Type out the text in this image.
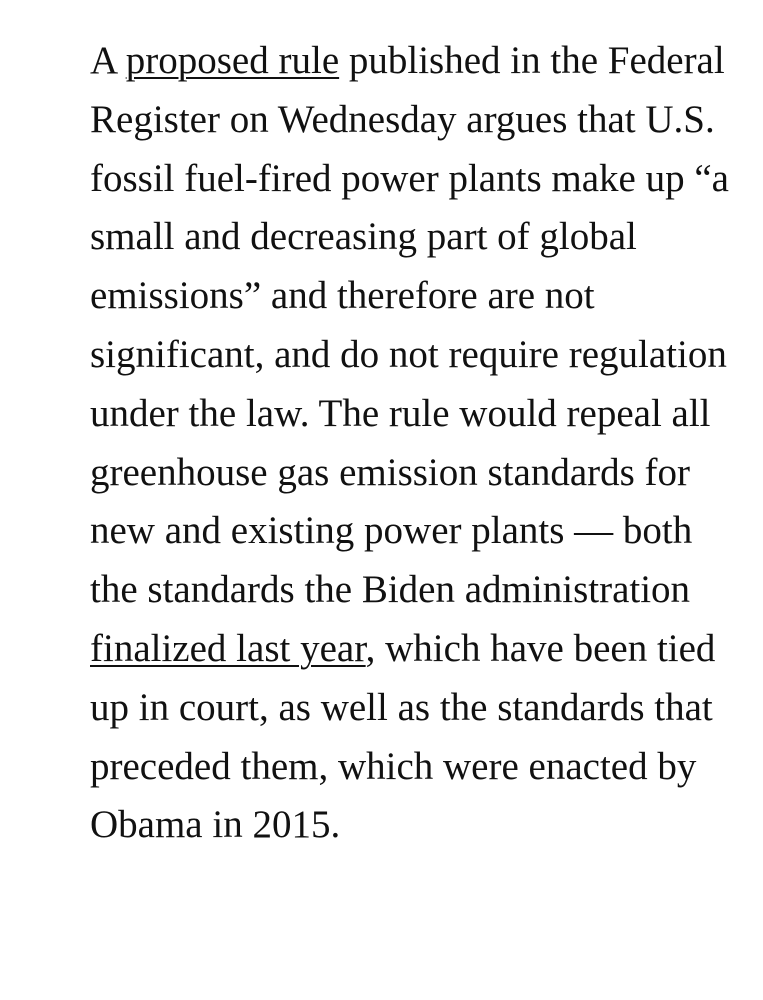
A proposed rule published in the Federal Register on Wednesday argues that U.S. fossil fuel-fired power plants make up “a small and decreasing part of global emissions” and therefore are not significant, and do not require regulation under the law. The rule would repeal all greenhouse gas emission standards for new and existing power plants — both the standards the Biden administration finalized last year, which have been tied up in court, as well as the standards that preceded them, which were enacted by Obama in 2015.
